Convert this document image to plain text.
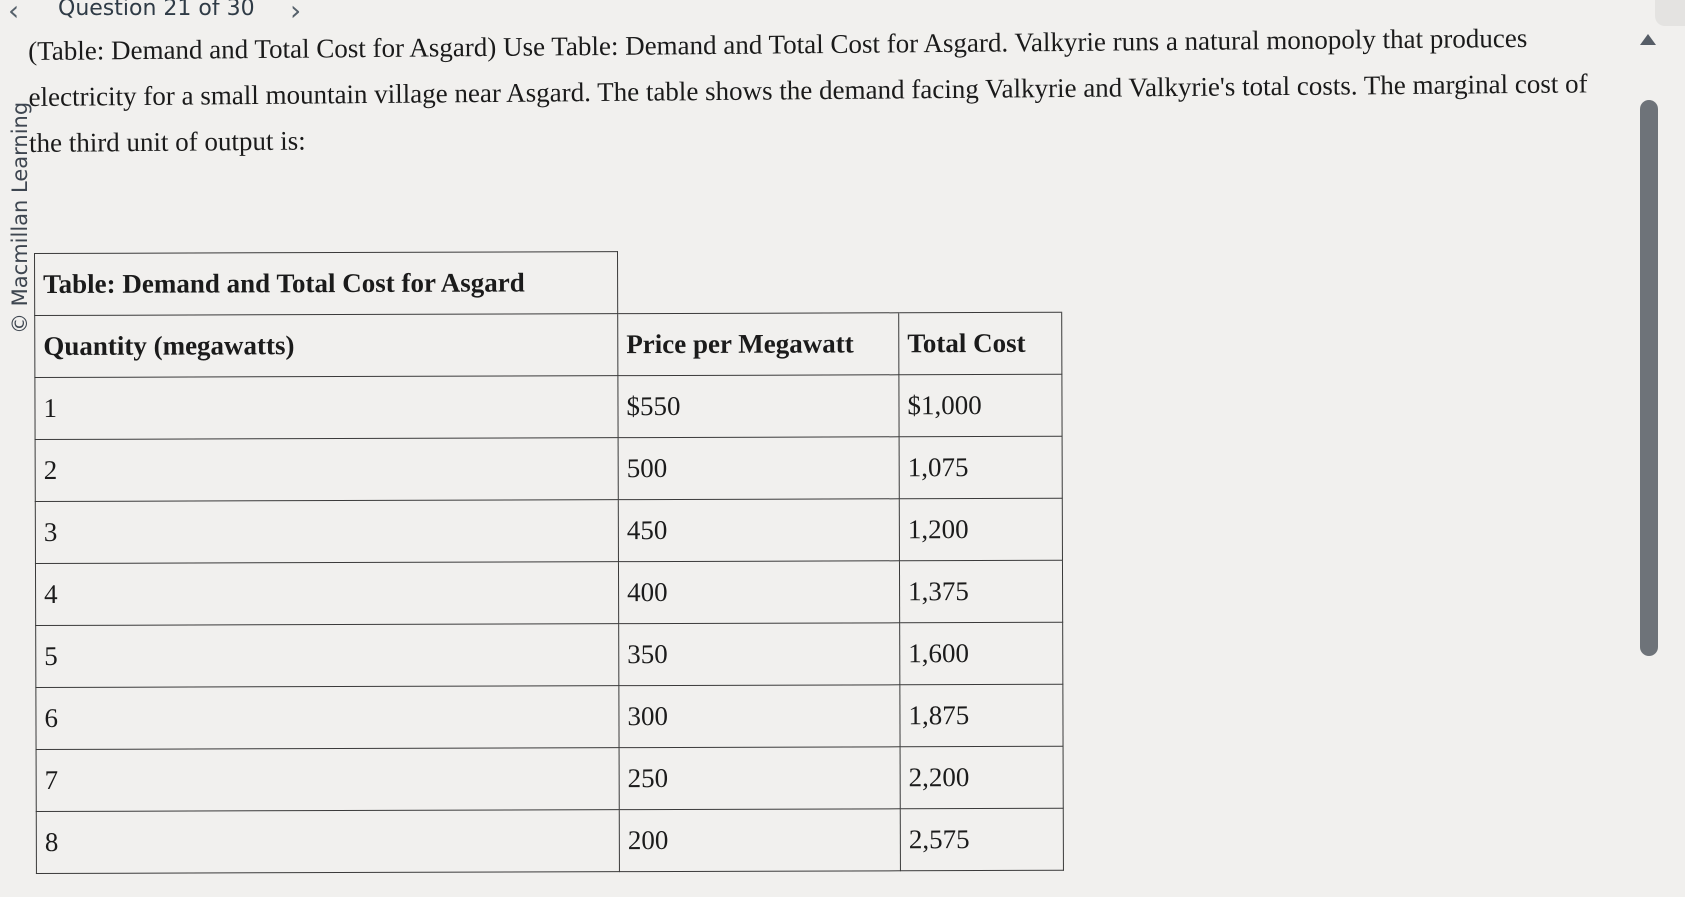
‹ Question 21 of 30 ›
© Macmillan Learning
(Table: Demand and Total Cost for Asgard) Use Table: Demand and Total Cost for Asgard. Valkyrie runs a natural monopoly that produces electricity for a small mountain village near Asgard. The table shows the demand facing Valkyrie and Valkyrie's total costs. The marginal cost of the third unit of output is:
Table: Demand and Total Cost for Asgard		
Quantity (megawatts)	Price per Megawatt	Total Cost
1	$550	$1,000
2	500	1,075
3	450	1,200
4	400	1,375
5	350	1,600
6	300	1,875
7	250	2,200
8	200	2,575
